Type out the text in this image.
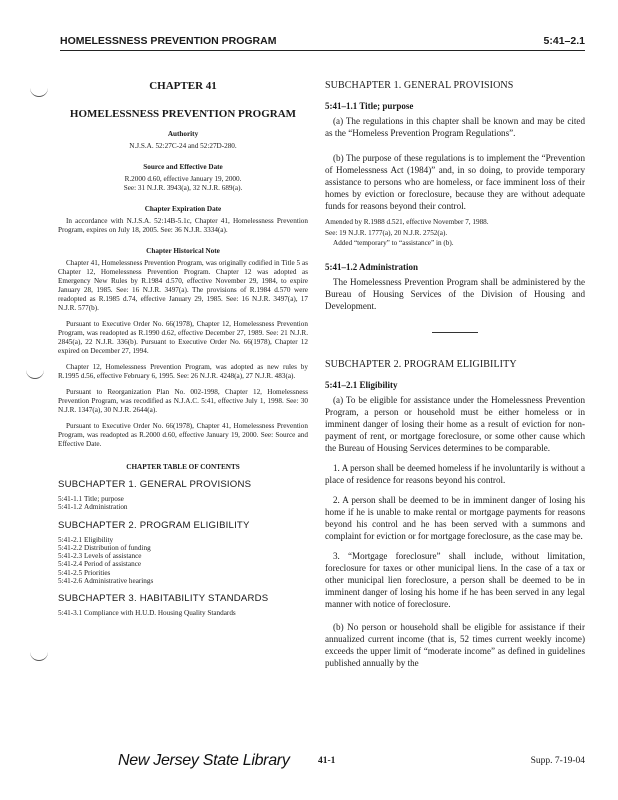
HOMELESSNESS PREVENTION PROGRAM	5:41–2.1

CHAPTER 41

HOMELESSNESS PREVENTION PROGRAM

Authority

N.J.S.A. 52:27C-24 and 52:27D-280.

Source and Effective Date

R.2000 d.60, effective January 19, 2000.

See: 31 N.J.R. 3943(a), 32 N.J.R. 689(a).

Chapter Expiration Date

In accordance with N.J.S.A. 52:14B-5.1c, Chapter 41, Homelessness Prevention Program, expires on July 18, 2005. See: 36 N.J.R. 3334(a).

Chapter Historical Note

Chapter 41, Homelessness Prevention Program, was originally codified in Title 5 as Chapter 12, Homelessness Prevention Program. Chapter 12 was adopted as Emergency New Rules by R.1984 d.570, effective November 29, 1984, to expire January 28, 1985. See: 16 N.J.R. 3497(a). The provisions of R.1984 d.570 were readopted as R.1985 d.74, effective January 29, 1985. See: 16 N.J.R. 3497(a), 17 N.J.R. 577(b).

Pursuant to Executive Order No. 66(1978), Chapter 12, Homelessness Prevention Program, was readopted as R.1990 d.62, effective December 27, 1989. See: 21 N.J.R. 2845(a), 22 N.J.R. 336(b). Pursuant to Executive Order No. 66(1978), Chapter 12 expired on December 27, 1994.

Chapter 12, Homelessness Prevention Program, was adopted as new rules by R.1995 d.56, effective February 6, 1995. See: 26 N.J.R. 4248(a), 27 N.J.R. 483(a).

Pursuant to Reorganization Plan No. 002-1998, Chapter 12, Homelessness Prevention Program, was recodified as N.J.A.C. 5:41, effective July 1, 1998. See: 30 N.J.R. 1347(a), 30 N.J.R. 2644(a).

Pursuant to Executive Order No. 66(1978), Chapter 41, Homelessness Prevention Program, was readopted as R.2000 d.60, effective January 19, 2000. See: Source and Effective Date.

CHAPTER TABLE OF CONTENTS

SUBCHAPTER 1. GENERAL PROVISIONS

5:41-1.1 Title; purpose
5:41-1.2 Administration

SUBCHAPTER 2. PROGRAM ELIGIBILITY

5:41-2.1 Eligibility
5:41-2.2 Distribution of funding
5:41-2.3 Levels of assistance
5:41-2.4 Period of assistance
5:41-2.5 Priorities
5:41-2.6 Administrative hearings

SUBCHAPTER 3. HABITABILITY STANDARDS

5:41-3.1 Compliance with H.U.D. Housing Quality Standards

SUBCHAPTER 1. GENERAL PROVISIONS

5:41–1.1 Title; purpose

(a) The regulations in this chapter shall be known and may be cited as the “Homeless Prevention Program Regulations”.

(b) The purpose of these regulations is to implement the “Prevention of Homelessness Act (1984)” and, in so doing, to provide temporary assistance to persons who are homeless, or face imminent loss of their homes by eviction or foreclosure, because they are without adequate funds for reasons beyond their control.

Amended by R.1988 d.521, effective November 7, 1988.

See: 19 N.J.R. 1777(a), 20 N.J.R. 2752(a).

Added “temporary” to “assistance” in (b).

5:41–1.2 Administration

The Homelessness Prevention Program shall be administered by the Bureau of Housing Services of the Division of Housing and Development.

SUBCHAPTER 2. PROGRAM ELIGIBILITY

5:41–2.1 Eligibility

(a) To be eligible for assistance under the Homelessness Prevention Program, a person or household must be either homeless or in imminent danger of losing their home as a result of eviction for non-payment of rent, or mortgage foreclosure, or some other cause which the Bureau of Housing Services determines to be comparable.

1. A person shall be deemed homeless if he involuntarily is without a place of residence for reasons beyond his control.

2. A person shall be deemed to be in imminent danger of losing his home if he is unable to make rental or mortgage payments for reasons beyond his control and he has been served with a summons and complaint for eviction or for mortgage foreclosure, as the case may be.

3. “Mortgage foreclosure” shall include, without limitation, foreclosure for taxes or other municipal liens. In the case of a tax or other municipal lien foreclosure, a person shall be deemed to be in imminent danger of losing his home if he has been served in any legal manner with notice of foreclosure.

(b) No person or household shall be eligible for assistance if their annualized current income (that is, 52 times current weekly income) exceeds the upper limit of “moderate income” as defined in guidelines published annually by the

New Jersey State Library	41-1	Supp. 7-19-04
